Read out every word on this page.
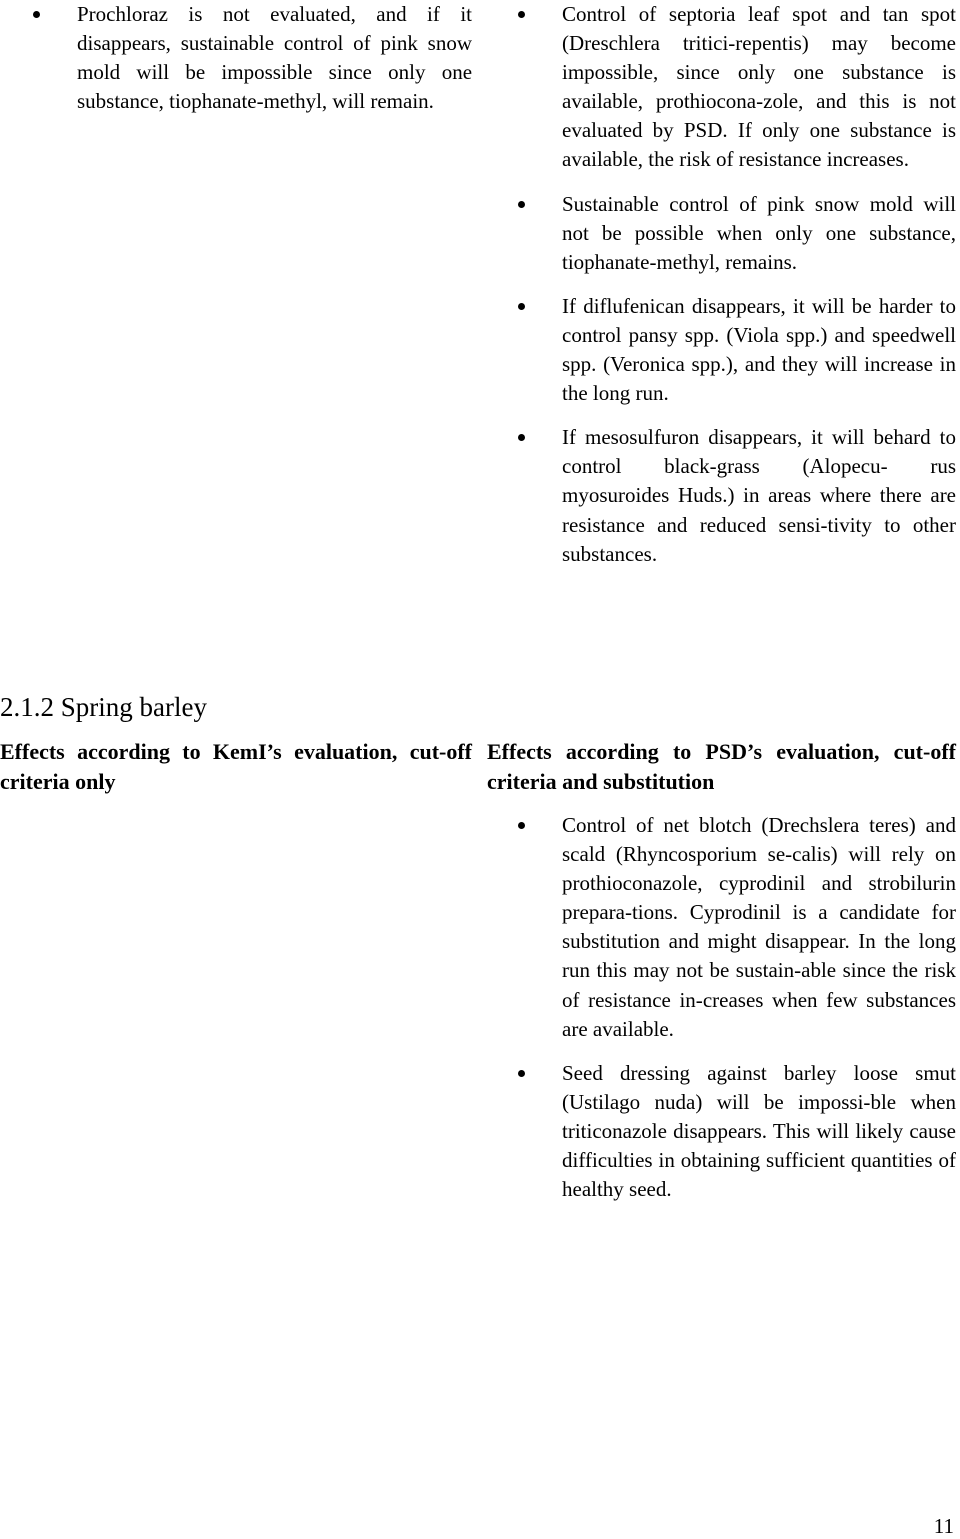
Prochloraz is not evaluated, and if it disappears, sustainable control of pink snow mold will be impossible since only one substance, tiophanate-methyl, will remain.

Control of septoria leaf spot and tan spot (Dreschlera tritici-repentis) may become impossible, since only one substance is available, prothiocona-zole, and this is not evaluated by PSD. If only one substance is available, the risk of resistance increases.

Sustainable control of pink snow mold will not be possible when only one substance, tiophanate-methyl, remains.

If diflufenican disappears, it will be harder to control pansy spp. (Viola spp.) and speedwell spp. (Veronica spp.), and they will increase in the long run.

If mesosulfuron disappears, it will behard to control black-grass (Alopecu- rus myosuroides Huds.) in areas where there are resistance and reduced sensi-tivity to other substances.

2.1.2 Spring barley
Effects according to KemI’s evaluation, cut-off criteria only
Effects according to PSD’s evaluation, cut-off criteria and substitution

Control of net blotch (Drechslera teres) and scald (Rhyncosporium se-calis) will rely on prothioconazole, cyprodinil and strobilurin prepara-tions. Cyprodinil is a candidate for substitution and might disappear. In the long run this may not be sustain-able since the risk of resistance in-creases when few substances are available.

Seed dressing against barley loose smut (Ustilago nuda) will be impossi-ble when triticonazole disappears. This will likely cause difficulties in obtaining sufficient quantities of healthy seed.

11
